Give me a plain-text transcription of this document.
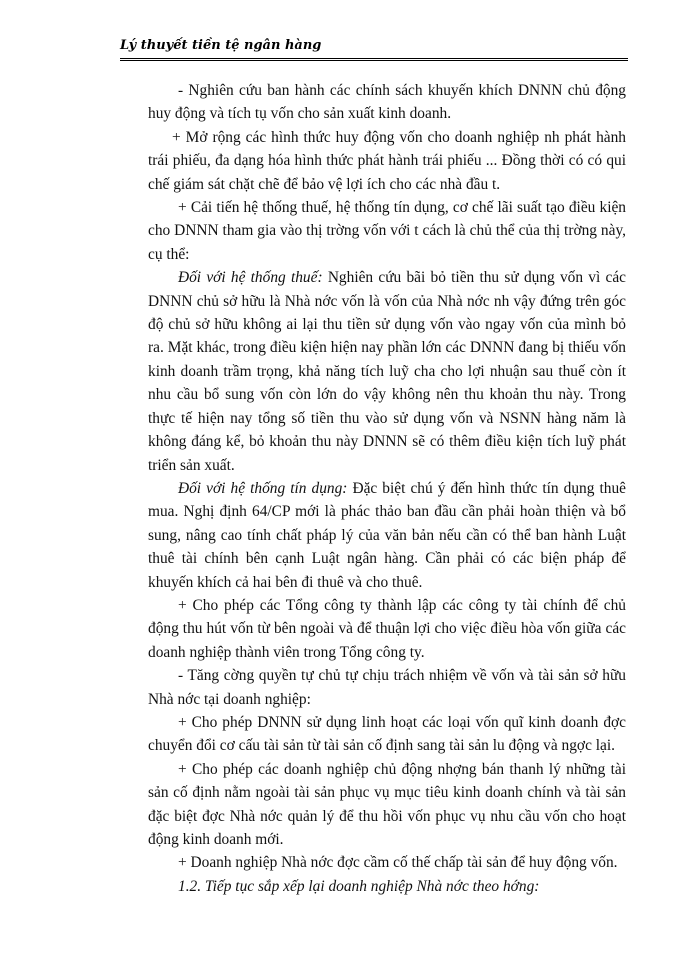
Lý thuyết tiền tệ ngân hàng

- Nghiên cứu ban hành các chính sách khuyến khích DNNN chủ động huy động và tích tụ vốn cho sản xuất kinh doanh.

+ Mở rộng các hình thức huy động vốn cho doanh nghiệp nh phát hành trái phiếu, đa dạng hóa hình thức phát hành trái phiếu ... Đồng thời có có qui chế giám sát chặt chẽ để bảo vệ lợi ích cho các nhà đầu t.

+ Cải tiến hệ thống thuế, hệ thống tín dụng, cơ chế lãi suất tạo điều kiện cho DNNN tham gia vào thị trờng vốn với t cách là chủ thể của thị trờng này, cụ thể:

Đối với hệ thống thuế: Nghiên cứu bãi bỏ tiền thu sử dụng vốn vì các DNNN chủ sở hữu là Nhà nớc vốn là vốn của Nhà nớc nh vậy đứng trên góc độ chủ sở hữu không ai lại thu tiền sử dụng vốn vào ngay vốn của mình bỏ ra. Mặt khác, trong điều kiện hiện nay phần lớn các DNNN đang bị thiếu vốn kinh doanh trầm trọng, khả năng tích luỹ cha cho lợi nhuận sau thuế còn ít nhu cầu bổ sung vốn còn lớn do vậy không nên thu khoản thu này. Trong thực tế hiện nay tổng số tiền thu vào sử dụng vốn và NSNN hàng năm là không đáng kể, bỏ khoản thu này DNNN sẽ có thêm điều kiện tích luỹ phát triển sản xuất.

Đối với hệ thống tín dụng: Đặc biệt chú ý đến hình thức tín dụng thuê mua. Nghị định 64/CP mới là phác thảo ban đầu cần phải hoàn thiện và bổ sung, nâng cao tính chất pháp lý của văn bản nếu cần có thể ban hành Luật thuê tài chính bên cạnh Luật ngân hàng. Cần phải có các biện pháp để khuyến khích cả hai bên đi thuê và cho thuê.

+ Cho phép các Tổng công ty thành lập các công ty tài chính để chủ động thu hút vốn từ bên ngoài và để thuận lợi cho việc điều hòa vốn giữa các doanh nghiệp thành viên trong Tổng công ty.

- Tăng cờng quyền tự chủ tự chịu trách nhiệm về vốn và tài sản sở hữu Nhà nớc tại doanh nghiệp:

+ Cho phép DNNN sử dụng linh hoạt các loại vốn quĩ kinh doanh đợc chuyển đổi cơ cấu tài sản từ tài sản cố định sang tài sản lu động và ngợc lại.

+ Cho phép các doanh nghiệp chủ động nhợng bán thanh lý những tài sản cố định nằm ngoài tài sản phục vụ mục tiêu kinh doanh chính và tài sản đặc biệt đợc Nhà nớc quản lý để thu hồi vốn phục vụ nhu cầu vốn cho hoạt động kinh doanh mới.

+ Doanh nghiệp Nhà nớc đợc cầm cố thế chấp tài sản để huy động vốn.

1.2. Tiếp tục sắp xếp lại doanh nghiệp Nhà nớc theo hớng:
